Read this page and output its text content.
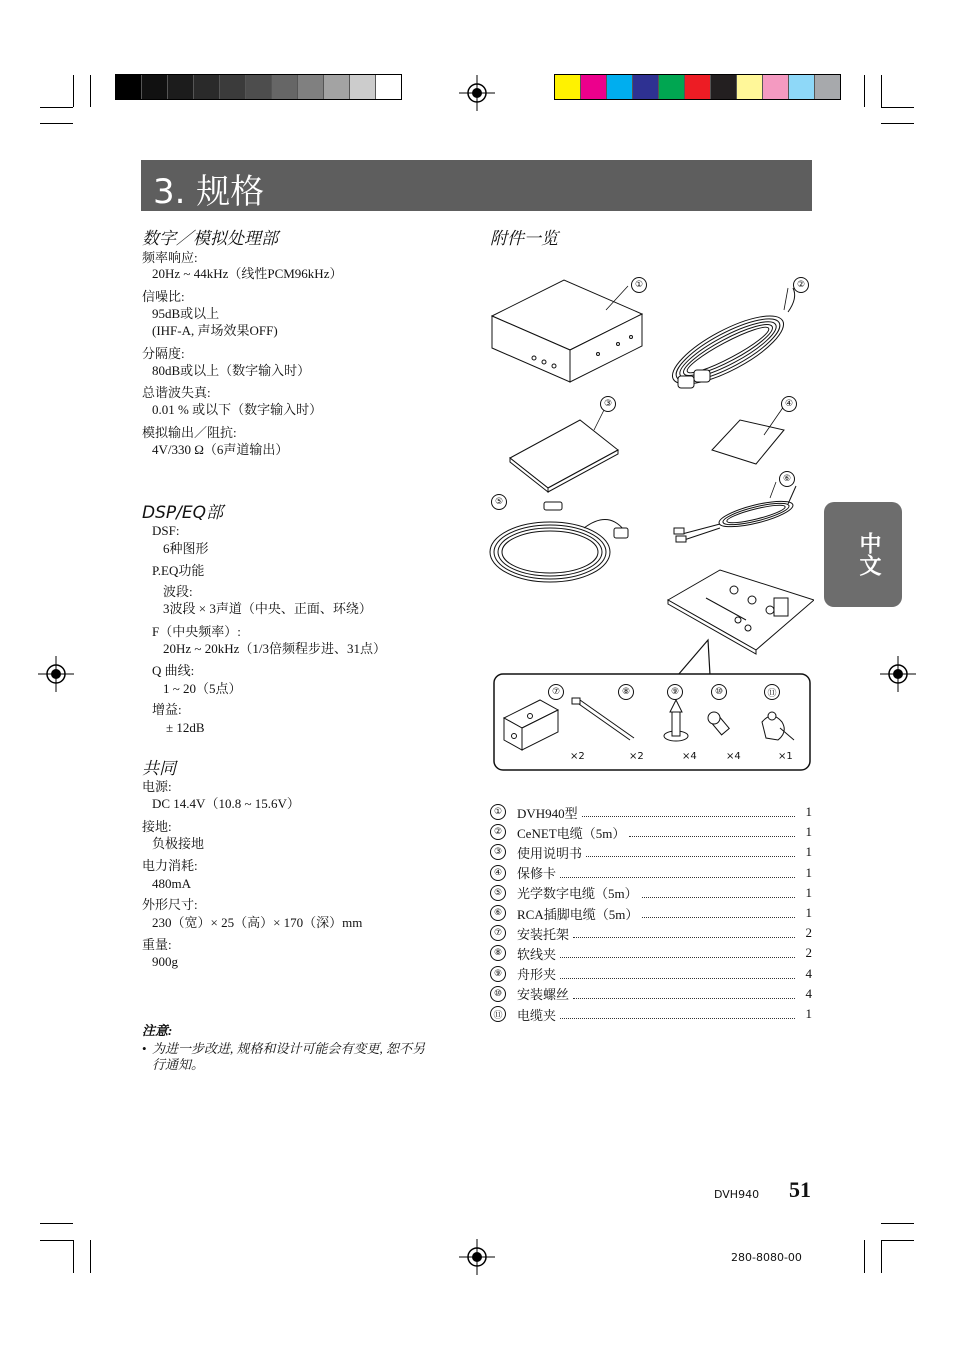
3. 规格
数字／模拟处理部
频率响应:
20Hz ~ 44kHz（线性PCM96kHz）
信噪比:
95dB或以上
(IHF-A, 声场效果OFF)
分隔度:
80dB或以上（数字输入时）
总谐波失真:
0.01 % 或以下（数字输入时）
模拟输出／阻抗:
4V/330 Ω（6声道输出）
DSP/EQ部
DSF:
6种图形
P.EQ功能
波段:
3波段 × 3声道（中央、正面、环绕）
F（中央频率）:
20Hz ~ 20kHz（1/3倍频程步进、31点）
Q 曲线:
1 ~ 20（5点）
增益:
± 12dB
共同
电源:
DC 14.4V（10.8 ~ 15.6V）
接地:
负极接地
电力消耗:
480mA
外形尺寸:
230（宽）× 25（高）× 170（深）mm
重量:
900g
注意:
• 为进一步改进, 规格和设计可能会有变更, 恕不另
行通知。
附件一览
①	②
③	④
⑤
⑥
⑦	⑧	⑨	⑩	⑪
×2	×2	×4	×4	×1
①	DVH940型	1
②	CeNET电缆（5m）	1
③	使用说明书	1
④	保修卡	1
⑤	光学数字电缆（5m）	1
⑥	RCA插脚电缆（5m）	1
⑦	安装托架	2
⑧	软线夹	2
⑨	舟形夹	4
⑩	安装螺丝	4
⑪ 电缆夹	1
中文
DVH940 51
280-8080-00
